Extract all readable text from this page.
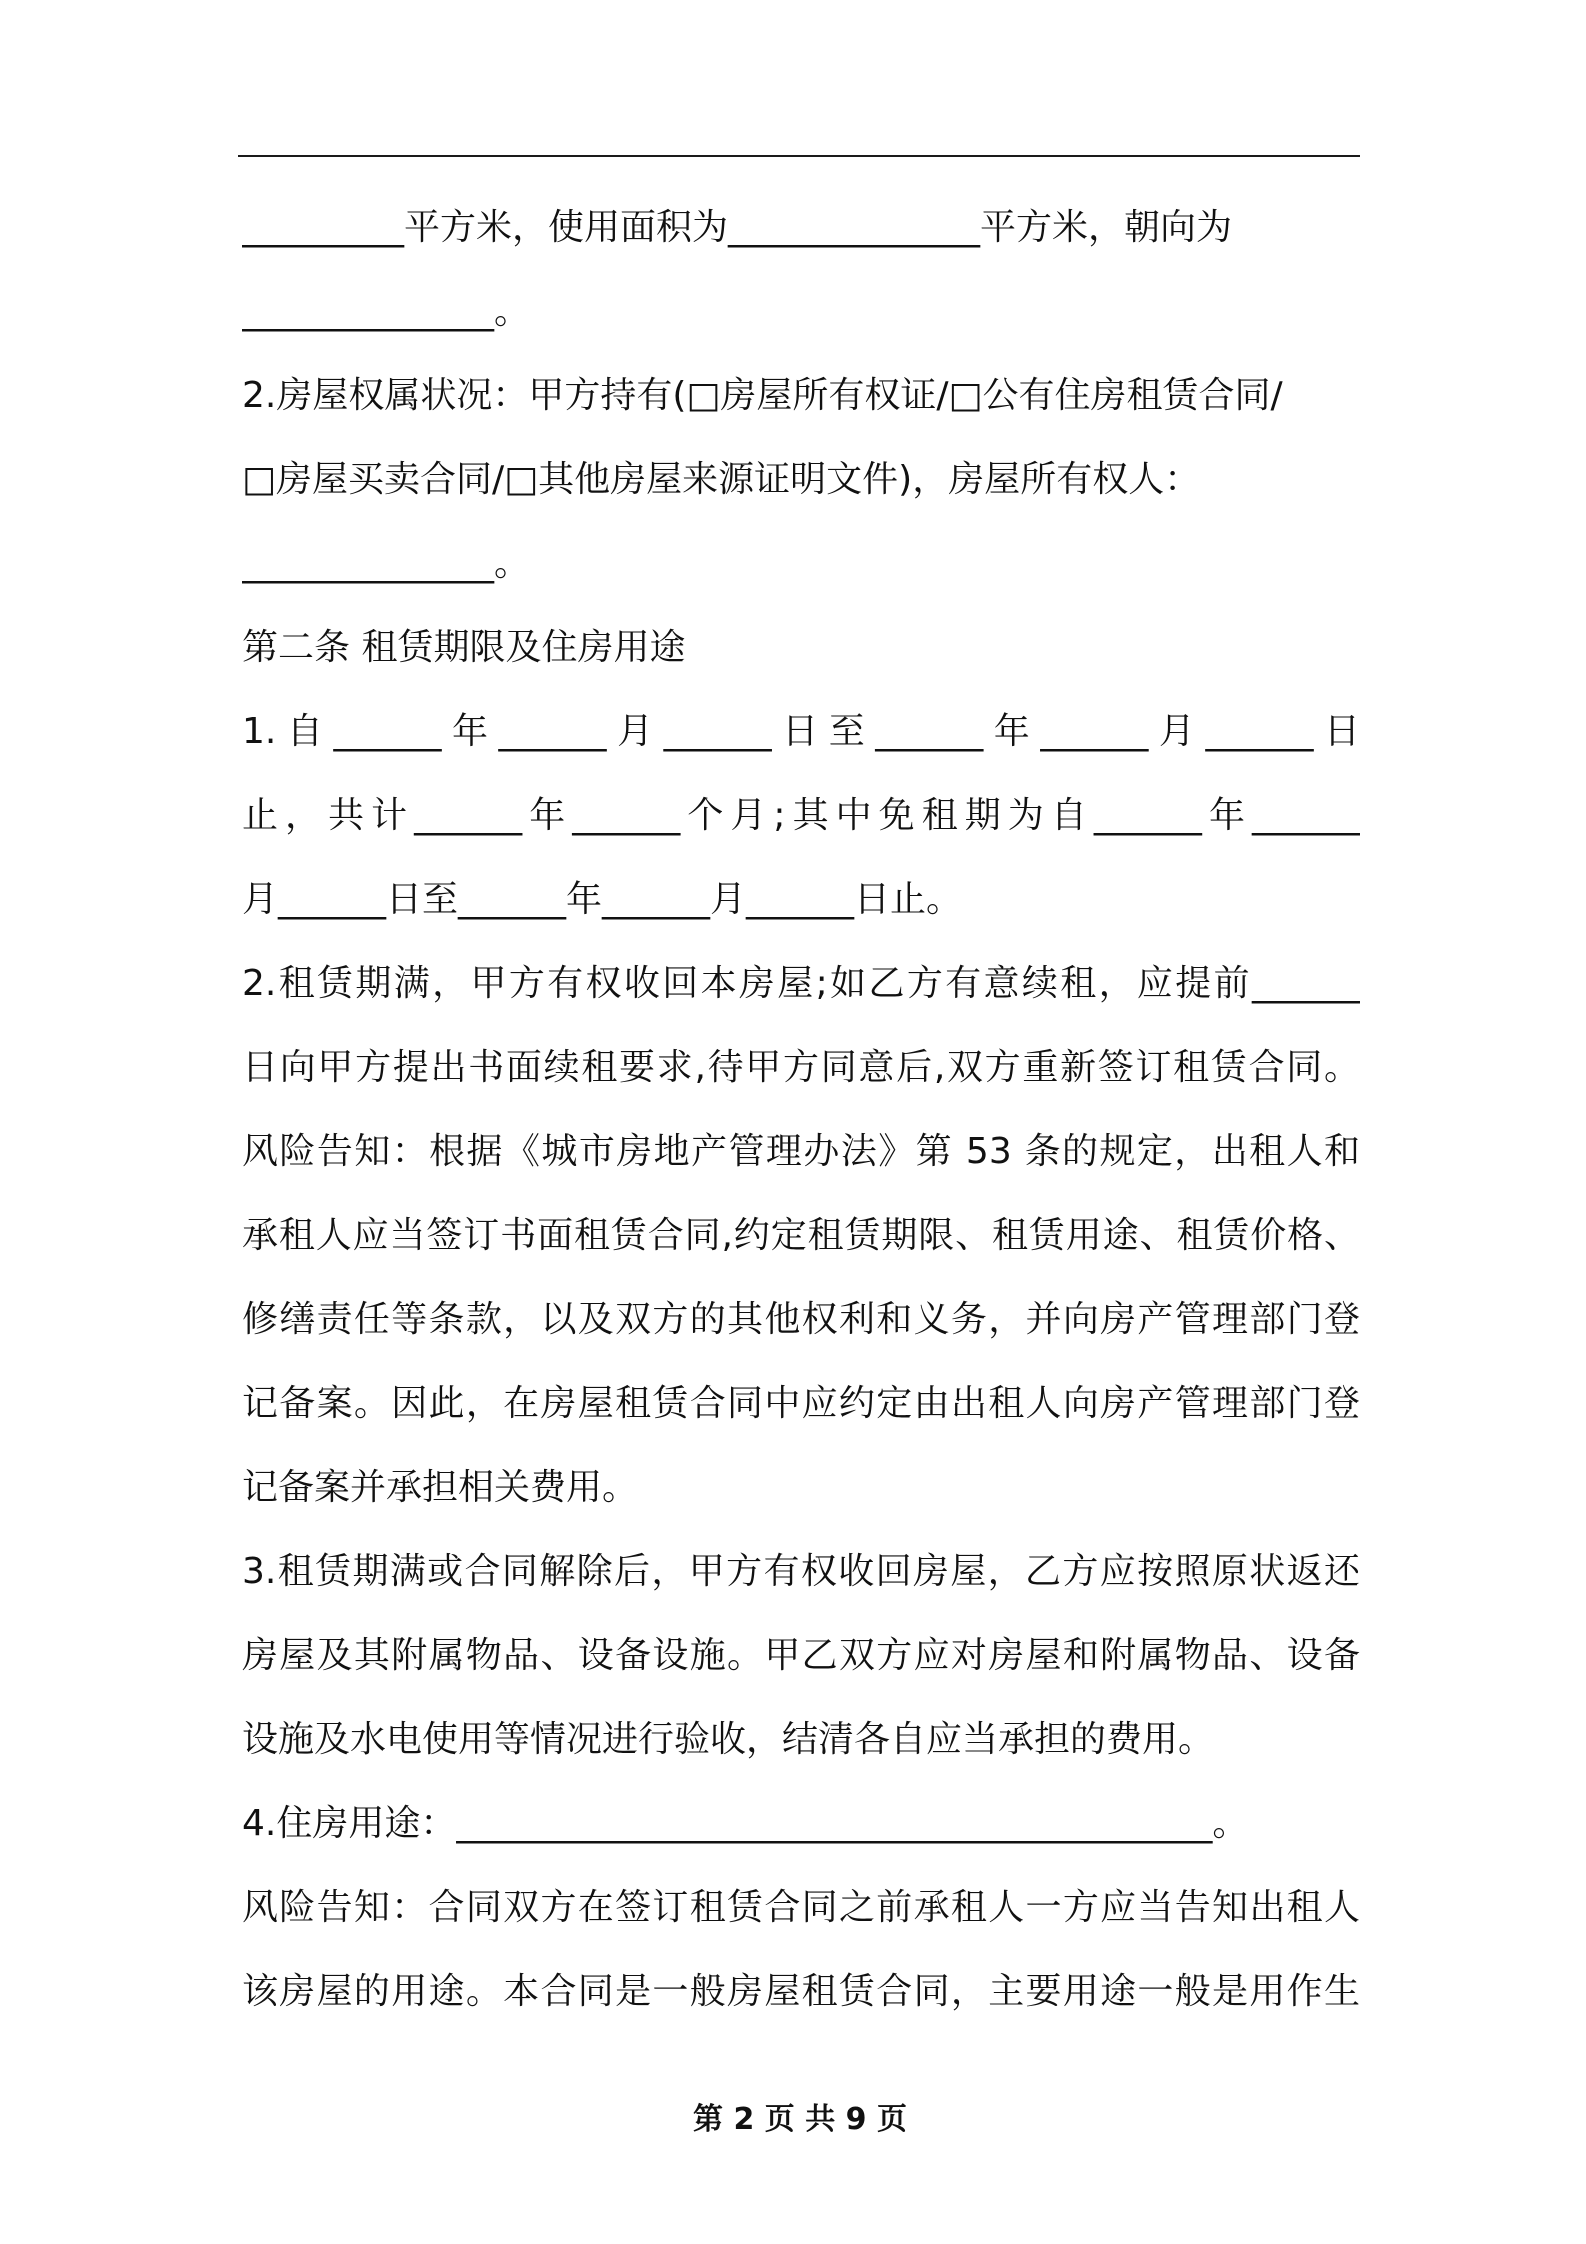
_________平方米，使用面积为______________平方米，朝向为
______________。
2.房屋权属状况：甲方持有(□房屋所有权证/□公有住房租赁合同/
□房屋买卖合同/□其他房屋来源证明文件)，房屋所有权人：
______________。
第二条 租赁期限及住房用途
1.自______年______月______日至______年______月______日
止，共计______年______个月;其中免租期为自______年______
月______日至______年______月______日止。
2.租赁期满，甲方有权收回本房屋;如乙方有意续租，应提前______
日向甲方提出书面续租要求,待甲方同意后,双方重新签订租赁合同。
风险告知：根据《城市房地产管理办法》第 53 条的规定，出租人和
承租人应当签订书面租赁合同,约定租赁期限、租赁用途、租赁价格、
修缮责任等条款，以及双方的其他权利和义务，并向房产管理部门登
记备案。因此，在房屋租赁合同中应约定由出租人向房产管理部门登
记备案并承担相关费用。
3.租赁期满或合同解除后，甲方有权收回房屋，乙方应按照原状返还
房屋及其附属物品、设备设施。甲乙双方应对房屋和附属物品、设备
设施及水电使用等情况进行验收，结清各自应当承担的费用。
4.住房用途：__________________________________________。
风险告知：合同双方在签订租赁合同之前承租人一方应当告知出租人
该房屋的用途。本合同是一般房屋租赁合同，主要用途一般是用作生
第 2 页 共 9 页
